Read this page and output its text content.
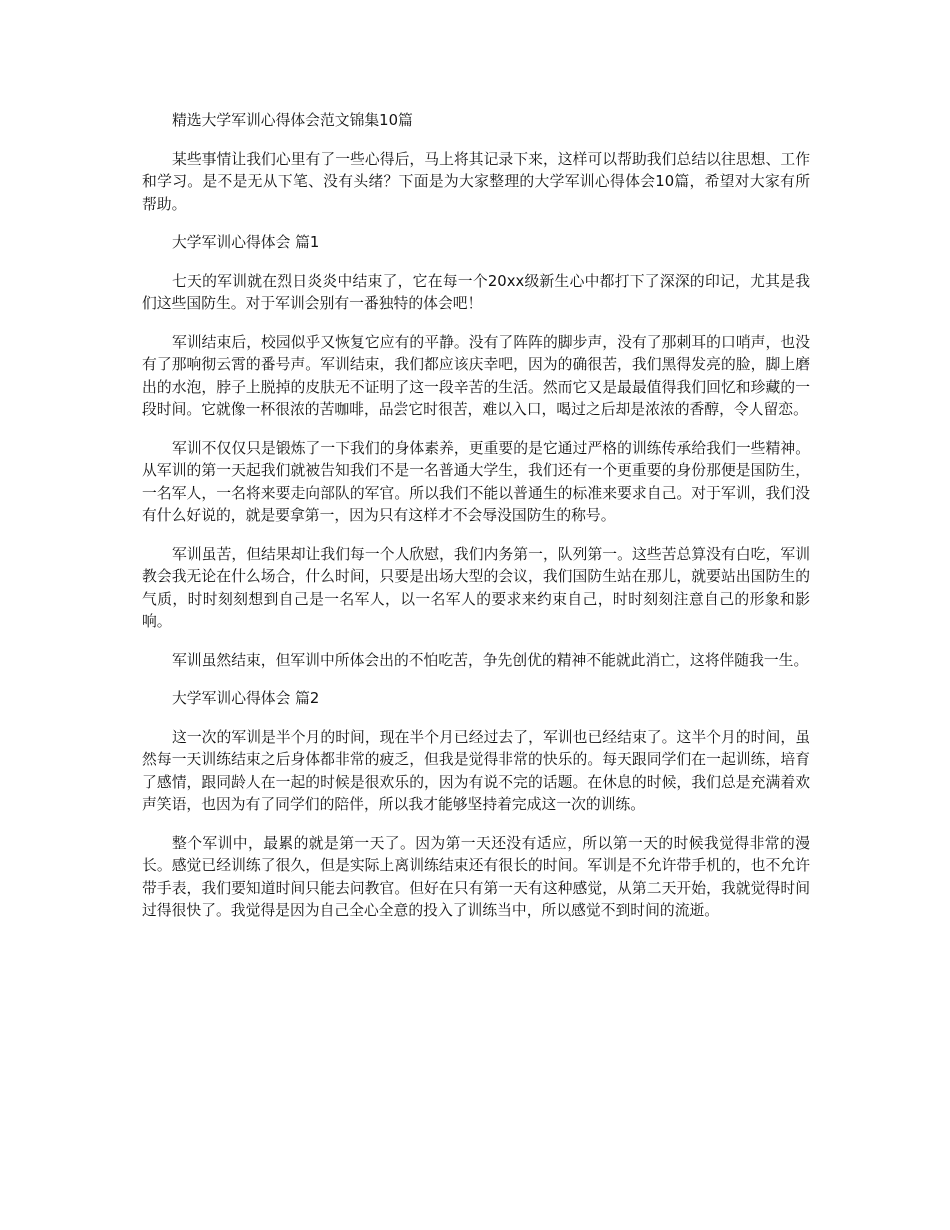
精选大学军训心得体会范文锦集10篇

某些事情让我们心里有了一些心得后，马上将其记录下来，这样可以帮助我们总结以往思想、工作和学习。是不是无从下笔、没有头绪？下面是为大家整理的大学军训心得体会10篇，希望对大家有所帮助。

大学军训心得体会 篇1

七天的军训就在烈日炎炎中结束了，它在每一个20xx级新生心中都打下了深深的印记，尤其是我们这些国防生。对于军训会别有一番独特的体会吧！

军训结束后，校园似乎又恢复它应有的平静。没有了阵阵的脚步声，没有了那刺耳的口哨声，也没有了那响彻云霄的番号声。军训结束，我们都应该庆幸吧，因为的确很苦，我们黑得发亮的脸，脚上磨出的水泡，脖子上脱掉的皮肤无不证明了这一段辛苦的生活。然而它又是最最值得我们回忆和珍藏的一段时间。它就像一杯很浓的苦咖啡，品尝它时很苦，难以入口，喝过之后却是浓浓的香醇，令人留恋。

军训不仅仅只是锻炼了一下我们的身体素养，更重要的是它通过严格的训练传承给我们一些精神。从军训的第一天起我们就被告知我们不是一名普通大学生，我们还有一个更重要的身份那便是国防生，一名军人，一名将来要走向部队的军官。所以我们不能以普通生的标准来要求自己。对于军训，我们没有什么好说的，就是要拿第一，因为只有这样才不会辱没国防生的称号。

军训虽苦，但结果却让我们每一个人欣慰，我们内务第一，队列第一。这些苦总算没有白吃，军训教会我无论在什么场合，什么时间，只要是出场大型的会议，我们国防生站在那儿，就要站出国防生的气质，时时刻刻想到自己是一名军人，以一名军人的要求来约束自己，时时刻刻注意自己的形象和影响。

军训虽然结束，但军训中所体会出的不怕吃苦，争先创优的精神不能就此消亡，这将伴随我一生。

大学军训心得体会 篇2

这一次的军训是半个月的时间，现在半个月已经过去了，军训也已经结束了。这半个月的时间，虽然每一天训练结束之后身体都非常的疲乏，但我是觉得非常的快乐的。每天跟同学们在一起训练，培育了感情，跟同龄人在一起的时候是很欢乐的，因为有说不完的话题。在休息的时候，我们总是充满着欢声笑语，也因为有了同学们的陪伴，所以我才能够坚持着完成这一次的训练。

整个军训中，最累的就是第一天了。因为第一天还没有适应，所以第一天的时候我觉得非常的漫长。感觉已经训练了很久，但是实际上离训练结束还有很长的时间。军训是不允许带手机的，也不允许带手表，我们要知道时间只能去问教官。但好在只有第一天有这种感觉，从第二天开始，我就觉得时间过得很快了。我觉得是因为自己全心全意的投入了训练当中，所以感觉不到时间的流逝。
